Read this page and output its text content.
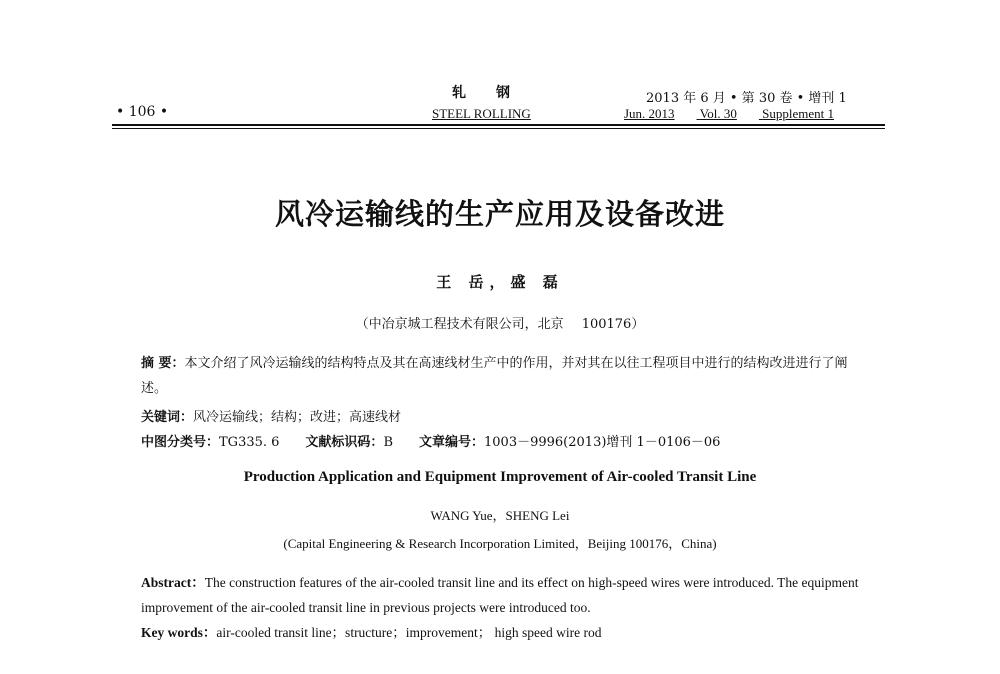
• 106 •
轧钢
STEEL ROLLING
2013 年 6 月 • 第 30 卷 • 增刊 1
Jun. 2013 Vol. 30 Supplement 1
风冷运输线的生产应用及设备改进
王 岳，盛 磊
（中冶京城工程技术有限公司，北京 100176）
摘 要：本文介绍了风冷运输线的结构特点及其在高速线材生产中的作用，并对其在以往工程项目中进行的结构改进进行了阐述。
关键词：风冷运输线；结构；改进；高速线材
中图分类号：TG335. 6 文献标识码：B 文章编号：1003－9996(2013)增刊 1－0106－06
Production Application and Equipment Improvement of Air-cooled Transit Line
WANG Yue，SHENG Lei
(Capital Engineering & Research Incorporation Limited，Beijing 100176，China)
Abstract：The construction features of the air-cooled transit line and its effect on high-speed wires were introduced. The equipment improvement of the air-cooled transit line in previous projects were introduced too.
Key words：air-cooled transit line；structure；improvement； high speed wire rod
